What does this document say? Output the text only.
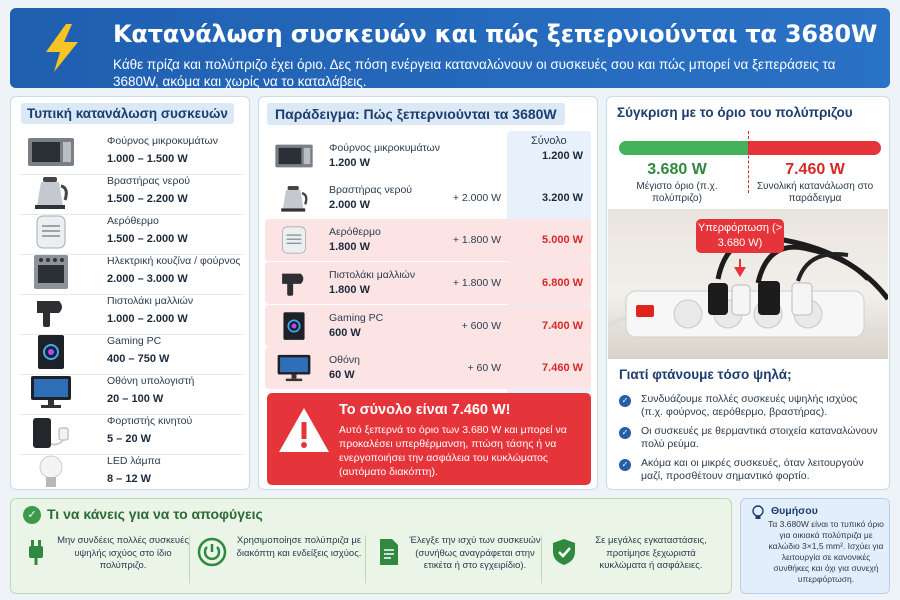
Κατανάλωση συσκευών και πώς ξεπερνιούνται τα 3680W
Κάθε πρίζα και πολύπριζο έχει όριο. Δες πόση ενέργεια καταναλώνουν οι συσκευές σου και πώς μπορεί να ξεπεράσεις τα 3680W, ακόμα και χωρίς να το καταλάβεις.
Τυπική κατανάλωση συσκευών
Φούρνος μικροκυμάτων
1.000 – 1.500 W
Βραστήρας νερού
1.500 – 2.200 W
Αερόθερμο
1.500 – 2.000 W
Ηλεκτρική κουζίνα / φούρνος
2.000 – 3.000 W
Πιστολάκι μαλλιών
1.000 – 2.000 W
Gaming PC
400 – 750 W
Οθόνη υπολογιστή
20 – 100 W
Φορτιστής κινητού
5 – 20 W
LED λάμπα
8 – 12 W
Παράδειγμα: Πώς ξεπερνιούνται τα 3680W
Σύνολο
Φούρνος μικροκυμάτων
1.200 W
1.200 W
Βραστήρας νερού
2.000 W
+ 2.000 W	3.200 W
Αερόθερμο
1.800 W
+ 1.800 W	5.000 W
Πιστολάκι μαλλιών
1.800 W
+ 1.800 W	6.800 W
Gaming PC
600 W
+ 600 W	7.400 W
Οθόνη
60 W
+ 60 W	7.460 W
Το σύνολο είναι 7.460 W!
Αυτό ξεπερνά το όριο των 3.680 W και μπορεί να προκαλέσει υπερθέρμανση, πτώση τάσης ή να ενεργοποιήσει την ασφάλεια του κυκλώματος (αυτόματο διακόπτη).
Σύγκριση με το όριο του πολύπριζου
3.680 W
Μέγιστο όριο (π.χ. πολύπριζο)
7.460 W
Συνολική κατανάλωση στο παράδειγμα
Υπερφόρτωση (> 3.680 W)
Γιατί φτάνουμε τόσο ψηλά;
✓ Συνδυάζουμε πολλές συσκευές υψηλής ισχύος (π.χ. φούρνος, αερόθερμο, βραστήρας).
✓ Οι συσκευές με θερμαντικά στοιχεία καταναλώνουν πολύ ρεύμα.
✓ Ακόμα και οι μικρές συσκευές, όταν λειτουργούν μαζί, προσθέτουν σημαντικό φορτίο.
✓ Τι να κάνεις για να το αποφύγεις
Μην συνδέεις πολλές συσκευές υψηλής ισχύος στο ίδιο πολύπριζο.
Χρησιμοποίησε πολύπριζα με διακόπτη και ενδείξεις ισχύος.
Έλεγξε την ισχύ των συσκευών (συνήθως αναγράφεται στην ετικέτα ή στο εγχειρίδιο).
Σε μεγάλες εγκαταστάσεις, προτίμησε ξεχωριστά κυκλώματα ή ασφάλειες.
Θυμήσου
Τα 3.680W είναι το τυπικό όριο για οικιακά πολύπριζα με καλώδιο 3×1,5 mm². Ισχύει για λειτουργία σε κανονικές συνθήκες και όχι για συνεχή υπερφόρτωση.
